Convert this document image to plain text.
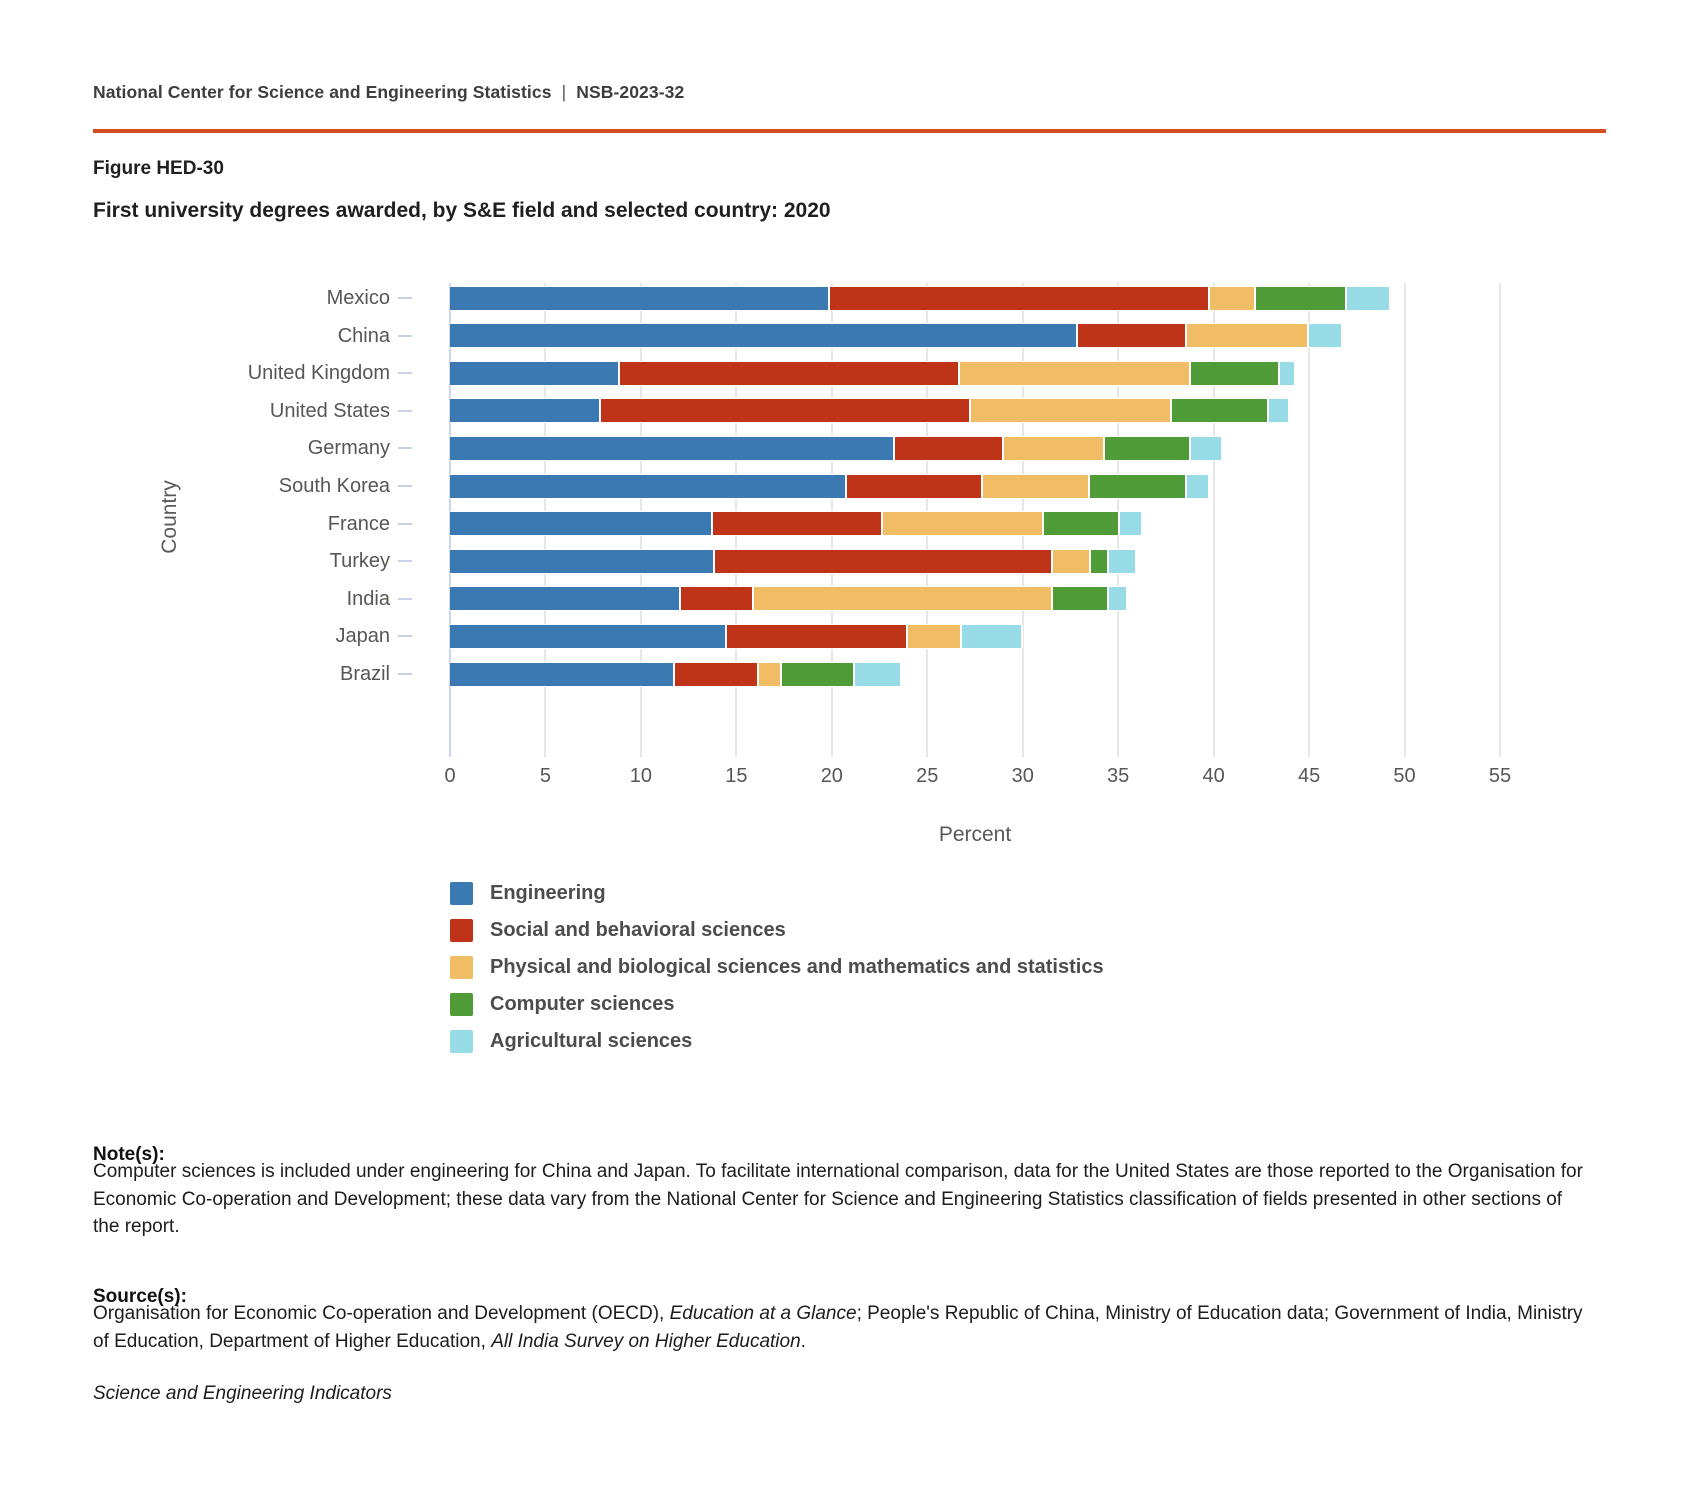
National Center for Science and Engineering Statistics | NSB-2023-32
Figure HED-30
First university degrees awarded, by S&E field and selected country: 2020
Country
Percent
0	5	10	15	20	25	30	35	40	45	50	55
Mexico
China
United Kingdom
United States
Germany
South Korea
France
Turkey
India
Japan
Brazil
Engineering
Social and behavioral sciences
Physical and biological sciences and mathematics and statistics
Computer sciences
Agricultural sciences
Note(s):

Computer sciences is included under engineering for China and Japan. To facilitate international comparison, data for the United States are those reported to the Organisation for Economic Co-operation and Development; these data vary from the National Center for Science and Engineering Statistics classification of fields presented in other sections of the report.

Source(s):

Organisation for Economic Co-operation and Development (OECD), Education at a Glance; People's Republic of China, Ministry of Education data; Government of India, Ministry of Education, Department of Higher Education, All India Survey on Higher Education.

Science and Engineering Indicators
